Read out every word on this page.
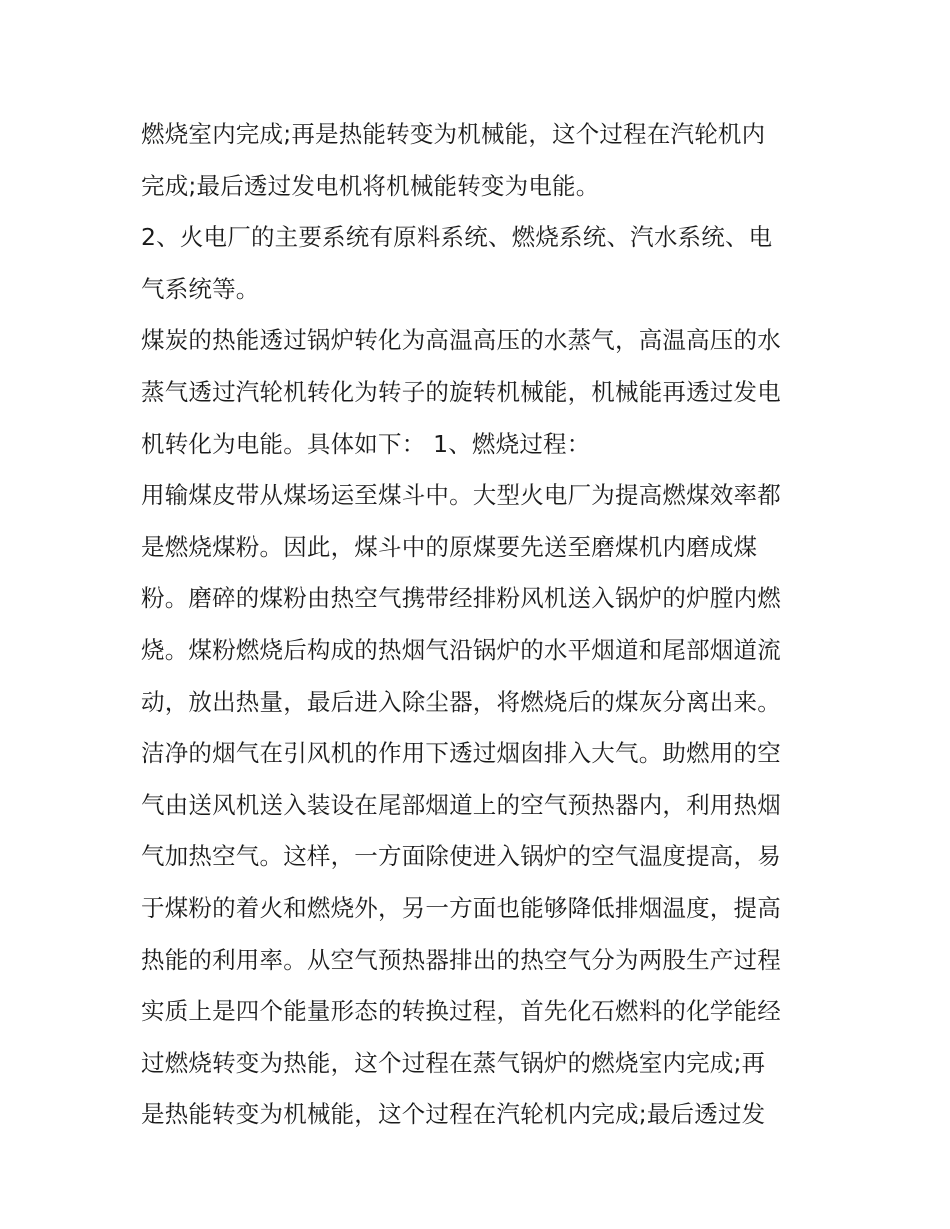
燃烧室内完成;再是热能转变为机械能，这个过程在汽轮机内
完成;最后透过发电机将机械能转变为电能。
2、火电厂的主要系统有原料系统、燃烧系统、汽水系统、电
气系统等。
煤炭的热能透过锅炉转化为高温高压的水蒸气，高温高压的水
蒸气透过汽轮机转化为转子的旋转机械能，机械能再透过发电
机转化为电能。具体如下： 1、燃烧过程：
用输煤皮带从煤场运至煤斗中。大型火电厂为提高燃煤效率都
是燃烧煤粉。因此，煤斗中的原煤要先送至磨煤机内磨成煤
粉。磨碎的煤粉由热空气携带经排粉风机送入锅炉的炉膛内燃
烧。煤粉燃烧后构成的热烟气沿锅炉的水平烟道和尾部烟道流
动，放出热量，最后进入除尘器，将燃烧后的煤灰分离出来。
洁净的烟气在引风机的作用下透过烟囱排入大气。助燃用的空
气由送风机送入装设在尾部烟道上的空气预热器内，利用热烟
气加热空气。这样，一方面除使进入锅炉的空气温度提高，易
于煤粉的着火和燃烧外，另一方面也能够降低排烟温度，提高
热能的利用率。从空气预热器排出的热空气分为两股生产过程
实质上是四个能量形态的转换过程，首先化石燃料的化学能经
过燃烧转变为热能，这个过程在蒸气锅炉的燃烧室内完成;再
是热能转变为机械能，这个过程在汽轮机内完成;最后透过发
